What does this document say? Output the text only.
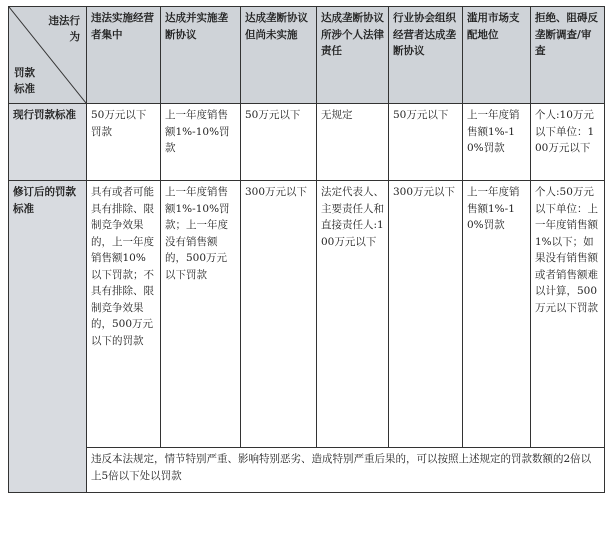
违法行为
罚款标准	违法实施经营者集中	达成并实施垄断协议	达成垄断协议但尚未实施	达成垄断协议所涉个人法律责任	行业协会组织经营者达成垄断协议	滥用市场支配地位	拒绝、阻碍反垄断调查/审查
现行罚款标准	50万元以下罚款	上一年度销售额1%-10%罚款	50万元以下	无规定	50万元以下	上一年度销售额1%-10%罚款	个人:10万元以下单位：100万元以下
修订后的罚款标准	具有或者可能具有排除、限制竞争效果的，上一年度销售额10%以下罚款；不具有排除、限制竞争效果的，500万元以下的罚款	上一年度销售额1%-10%罚款；上一年度没有销售额的，500万元以下罚款	300万元以下	法定代表人、主要责任人和直接责任人:100万元以下	300万元以下	上一年度销售额1%-10%罚款	个人:50万元以下单位：上一年度销售额1%以下；如果没有销售额或者销售额难以计算，500万元以下罚款
	违反本法规定，情节特别严重、影响特别恶劣、造成特别严重后果的，可以按照上述规定的罚款数额的2倍以上5倍以下处以罚款						
